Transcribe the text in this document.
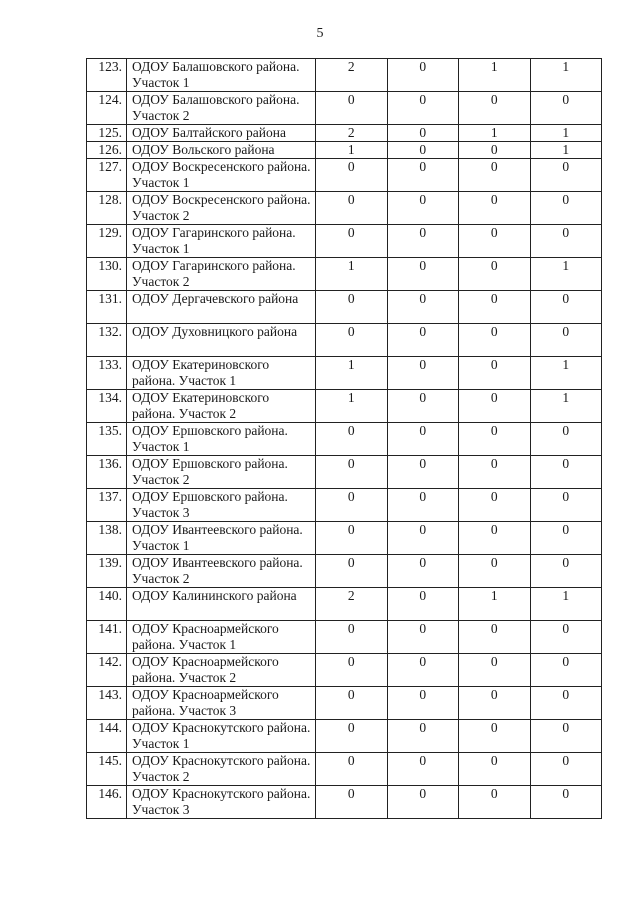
5
123.	ОДОУ Балашовского района. Участок 1	2	0	1	1
124.	ОДОУ Балашовского района. Участок 2	0	0	0	0
125.	ОДОУ Балтайского района	2	0	1	1
126.	ОДОУ Вольского района	1	0	0	1
127.	ОДОУ Воскресенского района. Участок 1	0	0	0	0
128.	ОДОУ Воскресенского района. Участок 2	0	0	0	0
129.	ОДОУ Гагаринского района. Участок 1	0	0	0	0
130.	ОДОУ Гагаринского района. Участок 2	1	0	0	1
131.	ОДОУ Дергачевского района	0	0	0	0
132.	ОДОУ Духовницкого района	0	0	0	0
133.	ОДОУ Екатериновского района. Участок 1	1	0	0	1
134.	ОДОУ Екатериновского района. Участок 2	1	0	0	1
135.	ОДОУ Ершовского района. Участок 1	0	0	0	0
136.	ОДОУ Ершовского района. Участок 2	0	0	0	0
137.	ОДОУ Ершовского района. Участок 3	0	0	0	0
138.	ОДОУ Ивантеевского района. Участок 1	0	0	0	0
139.	ОДОУ Ивантеевского района. Участок 2	0	0	0	0
140.	ОДОУ Калининского района	2	0	1	1
141.	ОДОУ Красноармейского района. Участок 1	0	0	0	0
142.	ОДОУ Красноармейского района. Участок 2	0	0	0	0
143.	ОДОУ Красноармейского района. Участок 3	0	0	0	0
144.	ОДОУ Краснокутского района. Участок 1	0	0	0	0
145.	ОДОУ Краснокутского района. Участок 2	0	0	0	0
146.	ОДОУ Краснокутского района. Участок 3	0	0	0	0
